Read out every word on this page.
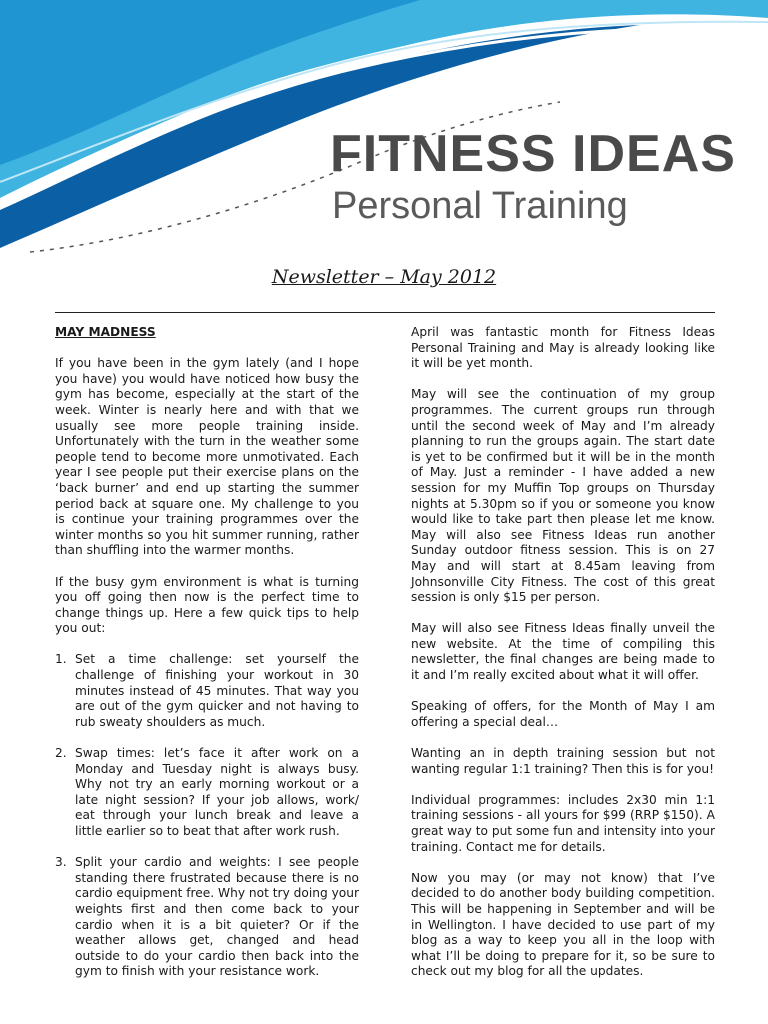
FITNESS IDEAS
Personal Training
Newsletter – May 2012

MAY MADNESS

If you have been in the gym lately (and I hope you have) you would have noticed how busy the gym has become, especially at the start of the week. Winter is nearly here and with that we usually see more people training inside. Unfortunately with the turn in the weather some people tend to become more unmotivated. Each year I see people put their exercise plans on the ‘back burner’ and end up starting the summer period back at square one. My challenge to you is continue your training programmes over the winter months so you hit summer running, rather than shuffling into the warmer months.

If the busy gym environment is what is turning you off going then now is the perfect time to change things up. Here a few quick tips to help you out:

1. Set a time challenge: set yourself the challenge of finishing your workout in 30 minutes instead of 45 minutes. That way you are out of the gym quicker and not having to rub sweaty shoulders as much.
2. Swap times: let’s face it after work on a Monday and Tuesday night is always busy. Why not try an early morning workout or a late night session? If your job allows, work/ eat through your lunch break and leave a little earlier so to beat that after work rush.
3. Split your cardio and weights: I see people standing there frustrated because there is no cardio equipment free. Why not try doing your weights first and then come back to your cardio when it is a bit quieter? Or if the weather allows get, changed and head outside to do your cardio then back into the gym to finish with your resistance work.

April was fantastic month for Fitness Ideas Personal Training and May is already looking like it will be yet month.

May will see the continuation of my group programmes. The current groups run through until the second week of May and I’m already planning to run the groups again. The start date is yet to be confirmed but it will be in the month of May. Just a reminder - I have added a new session for my Muffin Top groups on Thursday nights at 5.30pm so if you or someone you know would like to take part then please let me know. May will also see Fitness Ideas run another Sunday outdoor fitness session. This is on 27 May and will start at 8.45am leaving from Johnsonville City Fitness. The cost of this great session is only $15 per person.

May will also see Fitness Ideas finally unveil the new website. At the time of compiling this newsletter, the final changes are being made to it and I’m really excited about what it will offer.

Speaking of offers, for the Month of May I am offering a special deal…

Wanting an in depth training session but not wanting regular 1:1 training? Then this is for you!

Individual programmes: includes 2x30 min 1:1 training sessions - all yours for $99 (RRP $150). A great way to put some fun and intensity into your training. Contact me for details.

Now you may (or may not know) that I’ve decided to do another body building competition. This will be happening in September and will be in Wellington. I have decided to use part of my blog as a way to keep you all in the loop with what I’ll be doing to prepare for it, so be sure to check out my blog for all the updates.
